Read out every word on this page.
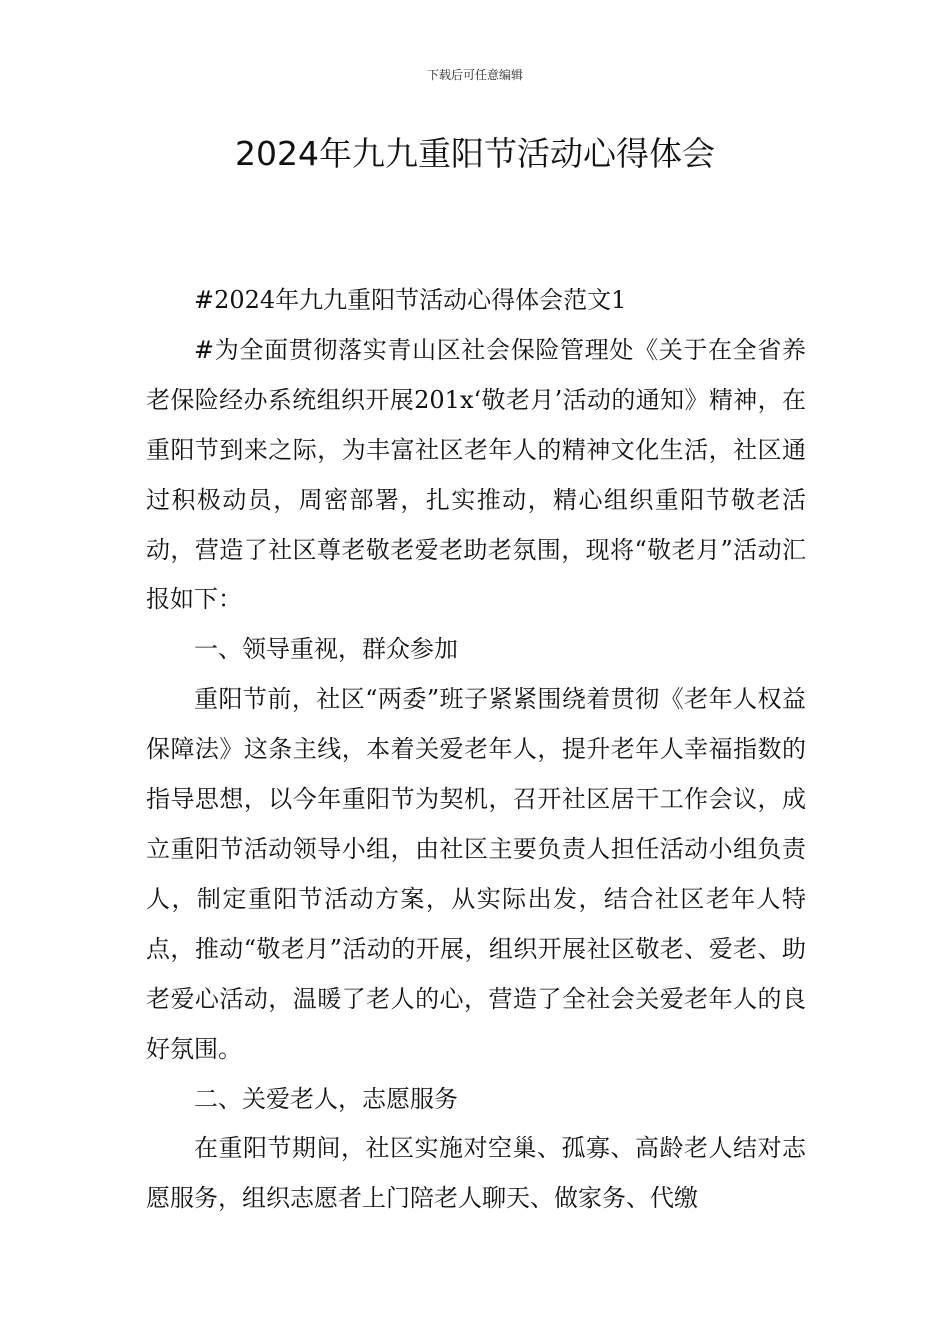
下载后可任意编辑
2024年九九重阳节活动心得体会

#2024年九九重阳节活动心得体会范文1

#为全面贯彻落实青山区社会保险管理处《关于在全省养老保险经办系统组织开展201x‘敬老月’活动的通知》精神，在重阳节到来之际，为丰富社区老年人的精神文化生活，社区通过积极动员，周密部署，扎实推动，精心组织重阳节敬老活动，营造了社区尊老敬老爱老助老氛围，现将“敬老月”活动汇报如下：

一、领导重视，群众参加

重阳节前，社区“两委”班子紧紧围绕着贯彻《老年人权益保障法》这条主线，本着关爱老年人，提升老年人幸福指数的指导思想，以今年重阳节为契机，召开社区居干工作会议，成立重阳节活动领导小组，由社区主要负责人担任活动小组负责人，制定重阳节活动方案，从实际出发，结合社区老年人特点，推动“敬老月”活动的开展，组织开展社区敬老、爱老、助老爱心活动，温暖了老人的心，营造了全社会关爱老年人的良好氛围。

二、关爱老人，志愿服务

在重阳节期间，社区实施对空巢、孤寡、高龄老人结对志愿服务，组织志愿者上门陪老人聊天、做家务、代缴
